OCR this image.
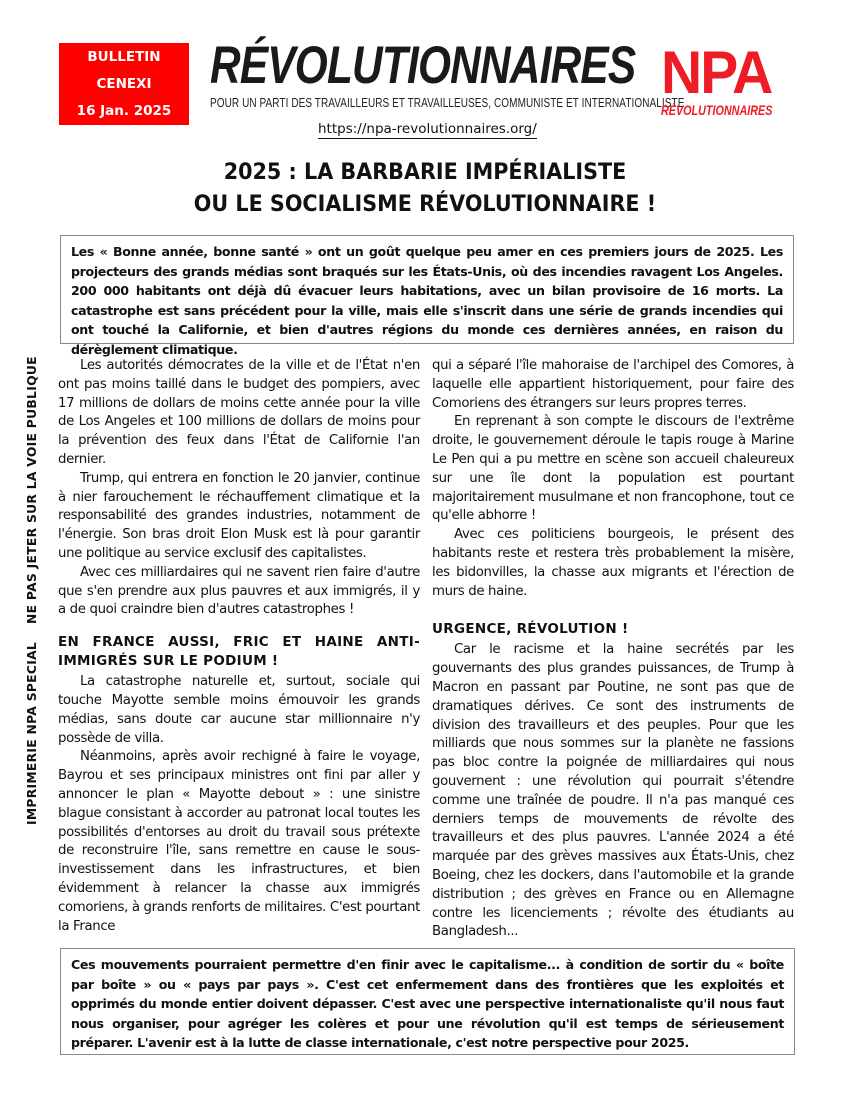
BULLETIN
CENEXI
16 Jan. 2025
RÉVOLUTIONNAIRES
POUR UN PARTI DES TRAVAILLEURS ET TRAVAILLEUSES, COMMUNISTE ET INTERNATIONALISTE
https://npa-revolutionnaires.org/
NPA
RÉVOLUTIONNAIRES
2025 : LA BARBARIE IMPÉRIALISTE
OU LE SOCIALISME RÉVOLUTIONNAIRE !
Les « Bonne année, bonne santé » ont un goût quelque peu amer en ces premiers jours de 2025. Les projecteurs des grands médias sont braqués sur les États-Unis, où des incendies ravagent Los Angeles. 200 000 habitants ont déjà dû évacuer leurs habitations, avec un bilan provisoire de 16 morts. La catastrophe est sans précédent pour la ville, mais elle s'inscrit dans une série de grands incendies qui ont touché la Californie, et bien d'autres régions du monde ces dernières années, en raison du dérèglement climatique.
IMPRIMERIE NPA SPECIALNE PAS JETER SUR LA VOIE PUBLIQUE	Les autorités démocrates de la ville et de l'État n'en ont pas moins taillé dans le budget des pompiers, avec 17 millions de dollars de moins cette année pour la ville de Los Angeles et 100 millions de dollars de moins pour la prévention des feux dans l'État de Californie l'an dernier.

Trump, qui entrera en fonction le 20 janvier, continue à nier farouchement le réchauffement climatique et la responsabilité des grandes industries, notamment de l'énergie. Son bras droit Elon Musk est là pour garantir une politique au service exclusif des capitalistes.

Avec ces milliardaires qui ne savent rien faire d'autre que s'en prendre aux plus pauvres et aux immigrés, il y a de quoi craindre bien d'autres catastrophes !

EN FRANCE AUSSI, FRIC ET HAINE ANTI-IMMIGRÉS SUR LE PODIUM !

La catastrophe naturelle et, surtout, sociale qui touche Mayotte semble moins émouvoir les grands médias, sans doute car aucune star millionnaire n'y possède de villa.

Néanmoins, après avoir rechigné à faire le voyage, Bayrou et ses principaux ministres ont fini par aller y annoncer le plan « Mayotte debout » : une sinistre blague consistant à accorder au patronat local toutes les possibilités d'entorses au droit du travail sous prétexte de reconstruire l'île, sans remettre en cause le sous-investissement dans les infrastructures, et bien évidemment à relancer la chasse aux immigrés comoriens, à grands renforts de militaires. C'est pourtant la France

qui a séparé l'île mahoraise de l'archipel des Comores, à laquelle elle appartient historiquement, pour faire des Comoriens des étrangers sur leurs propres terres.

En reprenant à son compte le discours de l'extrême droite, le gouvernement déroule le tapis rouge à Marine Le Pen qui a pu mettre en scène son accueil chaleureux sur une île dont la population est pourtant majoritairement musulmane et non francophone, tout ce qu'elle abhorre !

Avec ces politiciens bourgeois, le présent des habitants reste et restera très probablement la misère, les bidonvilles, la chasse aux migrants et l'érection de murs de haine.

URGENCE, RÉVOLUTION !

Car le racisme et la haine secrétés par les gouvernants des plus grandes puissances, de Trump à Macron en passant par Poutine, ne sont pas que de dramatiques dérives. Ce sont des instruments de division des travailleurs et des peuples. Pour que les milliards que nous sommes sur la planète ne fassions pas bloc contre la poignée de milliardaires qui nous gouvernent : une révolution qui pourrait s'étendre comme une traînée de poudre. Il n'a pas manqué ces derniers temps de mouvements de révolte des travailleurs et des plus pauvres. L'année 2024 a été marquée par des grèves massives aux États-Unis, chez Boeing, chez les dockers, dans l'automobile et la grande distribution ; des grèves en France ou en Allemagne contre les licenciements ; révolte des étudiants au Bangladesh...

Ces mouvements pourraient permettre d'en finir avec le capitalisme... à condition de sortir du « boîte par boîte » ou « pays par pays ». C'est cet enfermement dans des frontières que les exploités et opprimés du monde entier doivent dépasser. C'est avec une perspective internationaliste qu'il nous faut nous organiser, pour agréger les colères et pour une révolution qu'il est temps de sérieusement préparer. L'avenir est à la lutte de classe internationale, c'est notre perspective pour 2025.
